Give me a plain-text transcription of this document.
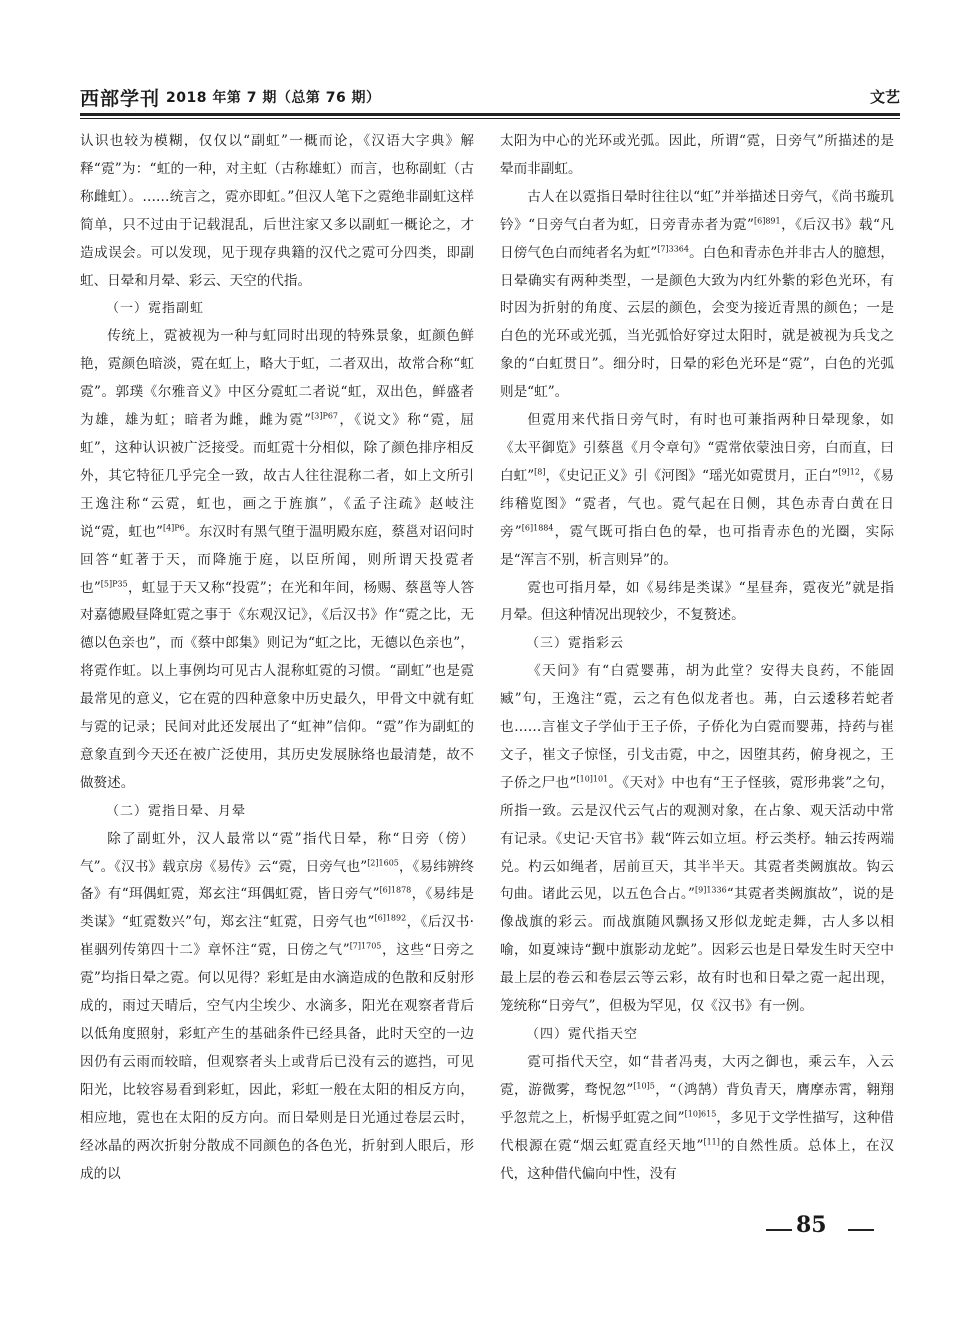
西部学刊 2018 年第 7 期（总第 76 期）	文艺

认识也较为模糊，仅仅以“副虹”一概而论，《汉语大字典》解释“霓”为：“虹的一种，对主虹（古称雄虹）而言，也称副虹（古称雌虹）。……统言之，霓亦即虹。”但汉人笔下之霓绝非副虹这样简单，只不过由于记载混乱，后世注家又多以副虹一概论之，才造成误会。可以发现，见于现存典籍的汉代之霓可分四类，即副虹、日晕和月晕、彩云、天空的代指。

（一）霓指副虹

传统上，霓被视为一种与虹同时出现的特殊景象，虹颜色鲜艳，霓颜色暗淡，霓在虹上，略大于虹，二者双出，故常合称“虹霓”。郭璞《尔雅音义》中区分霓虹二者说“虹，双出色，鲜盛者为雄，雄为虹；暗者为雌，雌为霓”$^{[3]P67}$，《说文》称“霓，屈虹”，这种认识被广泛接受。而虹霓十分相似，除了颜色排序相反外，其它特征几乎完全一致，故古人往往混称二者，如上文所引王逸注称“云霓，虹也，画之于旌旗”，《孟子注疏》赵岐注说“霓，虹也”$^{[4]P6}$。东汉时有黑气堕于温明殿东庭，蔡邕对诏问时回答“虹著于天，而降施于庭，以臣所闻，则所谓天投霓者也”$^{[5]P35}$，虹显于天又称“投霓”；在光和年间，杨赐、蔡邕等人答对嘉德殿昼降虹霓之事于《东观汉记》，《后汉书》作“霓之比，无德以色亲也”，而《蔡中郎集》则记为“虹之比，无德以色亲也”，将霓作虹。以上事例均可见古人混称虹霓的习惯。“副虹”也是霓最常见的意义，它在霓的四种意象中历史最久，甲骨文中就有虹与霓的记录；民间对此还发展出了“虹神”信仰。“霓”作为副虹的意象直到今天还在被广泛使用，其历史发展脉络也最清楚，故不做赘述。

（二）霓指日晕、月晕

除了副虹外，汉人最常以“霓”指代日晕，称“日旁（傍）气”。《汉书》载京房《易传》云“霓，日旁气也”$^{[2]1605}$，《易纬辨终备》有“珥偶虹霓，郑玄注“珥偶虹霓，皆日旁气”$^{[6]1878}$，《易纬是类谋》“虹霓数兴”句，郑玄注“虹霓，日旁气也”$^{[6]1892}$，《后汉书·崔骃列传第四十二》章怀注“霓，日傍之气”$^{[7]1705}$，这些“日旁之霓”均指日晕之霓。何以见得？彩虹是由水滴造成的色散和反射形成的，雨过天晴后，空气内尘埃少、水滴多，阳光在观察者背后以低角度照射，彩虹产生的基础条件已经具备，此时天空的一边因仍有云雨而较暗，但观察者头上或背后已没有云的遮挡，可见阳光，比较容易看到彩虹，因此，彩虹一般在太阳的相反方向，相应地，霓也在太阳的反方向。而日晕则是日光通过卷层云时，经冰晶的两次折射分散成不同颜色的各色光，折射到人眼后，形成的以

太阳为中心的光环或光弧。因此，所谓“霓，日旁气”所描述的是晕而非副虹。

古人在以霓指日晕时往往以“虹”并举描述日旁气，《尚书璇玑钤》“日旁气白者为虹，日旁青赤者为霓”$^{[6]891}$，《后汉书》载“凡日傍气色白而纯者名为虹”$^{[7]3364}$。白色和青赤色并非古人的臆想，日晕确实有两种类型，一是颜色大致为内红外紫的彩色光环，有时因为折射的角度、云层的颜色，会变为接近青黑的颜色；一是白色的光环或光弧，当光弧恰好穿过太阳时，就是被视为兵戈之象的“白虹贯日”。细分时，日晕的彩色光环是“霓”，白色的光弧则是“虹”。

但霓用来代指日旁气时，有时也可兼指两种日晕现象，如《太平御览》引蔡邕《月令章句》“霓常依蒙浊日旁，白而直，曰白虹”[8]，《史记正义》引《河图》“瑶光如霓贯月，正白”$^{[9]12}$，《易纬稽览图》“霓者，气也。霓气起在日侧，其色赤青白黄在日旁”$^{[6]1884}$，霓气既可指白色的晕，也可指青赤色的光圈，实际是“浑言不别，析言则异”的。

霓也可指月晕，如《易纬是类谋》“星昼奔，霓夜光”就是指月晕。但这种情况出现较少，不复赘述。

（三）霓指彩云

《天问》有“白霓婴茀，胡为此堂？安得夫良药，不能固臧”句，王逸注“霓，云之有色似龙者也。茀，白云逶移若蛇者也……言崔文子学仙于王子侨，子侨化为白霓而婴茀，持药与崔文子，崔文子惊怪，引戈击霓，中之，因堕其药，俯身视之，王子侨之尸也”$^{[10]101}$。《天对》中也有“王子怪骇，霓形弗裳”之句，所指一致。云是汉代云气占的观测对象，在占象、观天活动中常有记录。《史记·天官书》载“阵云如立垣。杼云类杼。轴云抟两端兑。杓云如绳者，居前亘天，其半半天。其霓者类阙旗故。钩云句曲。诸此云见，以五色合占。”$^{[9]1336}$“其霓者类阙旗故”，说的是像战旗的彩云。而战旗随风飘扬又形似龙蛇走舞，古人多以相喻，如夏竦诗“觐中旗影动龙蛇”。因彩云也是日晕发生时天空中最上层的卷云和卷层云等云彩，故有时也和日晕之霓一起出现，笼统称“日旁气”，但极为罕见，仅《汉书》有一例。

（四）霓代指天空

霓可指代天空，如“昔者冯夷，大丙之御也，乘云车，入云霓，游微雾，骛怳忽”$^{[10]5}$，“（鸿鹄）背负青天，膺摩赤霄，翱翔乎忽荒之上，析惕乎虹霓之间”$^{[10]615}$，多见于文学性描写，这种借代根源在霓“烟云虹霓直经天地”[11]的自然性质。总体上，在汉代，这种借代偏向中性，没有

85
